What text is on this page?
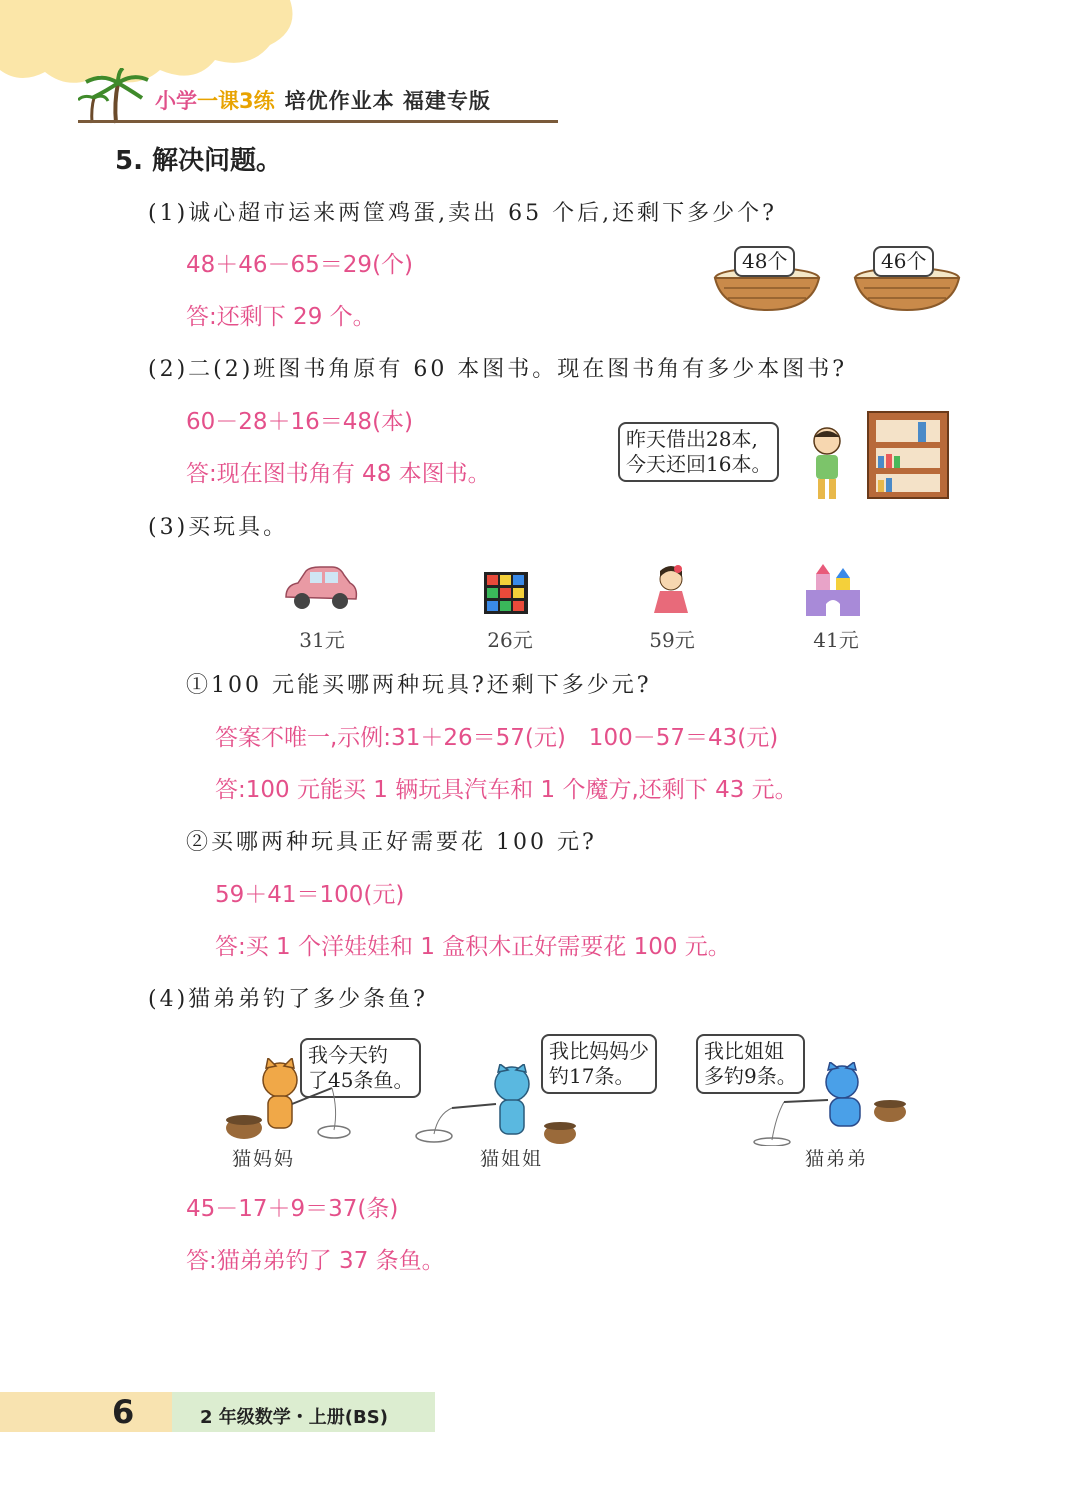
小学一课3练 培优作业本 福建专版
5. 解决问题。
(1)诚心超市运来两筐鸡蛋,卖出 65 个后,还剩下多少个?
48＋46－65＝29(个)
答:还剩下 29 个。
48个	46个
(2)二(2)班图书角原有 60 本图书。现在图书角有多少本图书?
60－28＋16＝48(本)
答:现在图书角有 48 本图书。
昨天借出28本,
今天还回16本。
(3)买玩具。
31元	26元	59元	41元
①100 元能买哪两种玩具?还剩下多少元?
答案不唯一,示例:31＋26＝57(元)　100－57＝43(元)
答:100 元能买 1 辆玩具汽车和 1 个魔方,还剩下 43 元。
②买哪两种玩具正好需要花 100 元?
59＋41＝100(元)
答:买 1 个洋娃娃和 1 盒积木正好需要花 100 元。
(4)猫弟弟钓了多少条鱼?
我今天钓
了45条鱼。
我比妈妈少
钓17条。
我比姐姐
多钓9条。
猫妈妈	猫姐姐	猫弟弟
45－17＋9＝37(条)
答:猫弟弟钓了 37 条鱼。
6	2 年级数学・上册(BS)
